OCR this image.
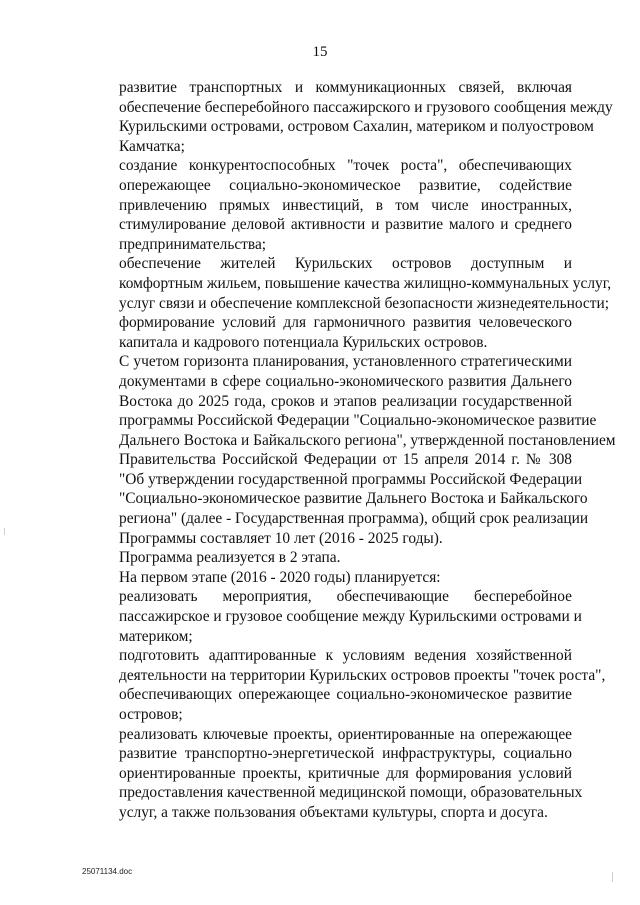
15

развитие транспортных и коммуникационных связей, включая
обеспечение бесперебойного пассажирского и грузового сообщения между
Курильскими островами, островом Сахалин, материком и полуостровом
Камчатка;

создание конкурентоспособных "точек роста", обеспечивающих
опережающее социально-экономическое развитие, содействие
привлечению прямых инвестиций, в том числе иностранных,
стимулирование деловой активности и развитие малого и среднего
предпринимательства;

обеспечение жителей Курильских островов доступным и
комфортным жильем, повышение качества жилищно-коммунальных услуг,
услуг связи и обеспечение комплексной безопасности жизнедеятельности;

формирование условий для гармоничного развития человеческого
капитала и кадрового потенциала Курильских островов.

С учетом горизонта планирования, установленного стратегическими
документами в сфере социально-экономического развития Дальнего
Востока до 2025 года, сроков и этапов реализации государственной
программы Российской Федерации "Социально-экономическое развитие
Дальнего Востока и Байкальского региона", утвержденной постановлением
Правительства Российской Федерации от 15 апреля 2014 г. № 308
"Об утверждении государственной программы Российской Федерации
"Социально-экономическое развитие Дальнего Востока и Байкальского
региона" (далее - Государственная программа), общий срок реализации
Программы составляет 10 лет (2016 - 2025 годы).

Программа реализуется в 2 этапа.

На первом этапе (2016 - 2020 годы) планируется:

реализовать мероприятия, обеспечивающие бесперебойное
пассажирское и грузовое сообщение между Курильскими островами и
материком;

подготовить адаптированные к условиям ведения хозяйственной
деятельности на территории Курильских островов проекты "точек роста",
обеспечивающих опережающее социально-экономическое развитие
островов;

реализовать ключевые проекты, ориентированные на опережающее
развитие транспортно-энергетической инфраструктуры, социально
ориентированные проекты, критичные для формирования условий
предоставления качественной медицинской помощи, образовательных
услуг, а также пользования объектами культуры, спорта и досуга.

25071134.doc
